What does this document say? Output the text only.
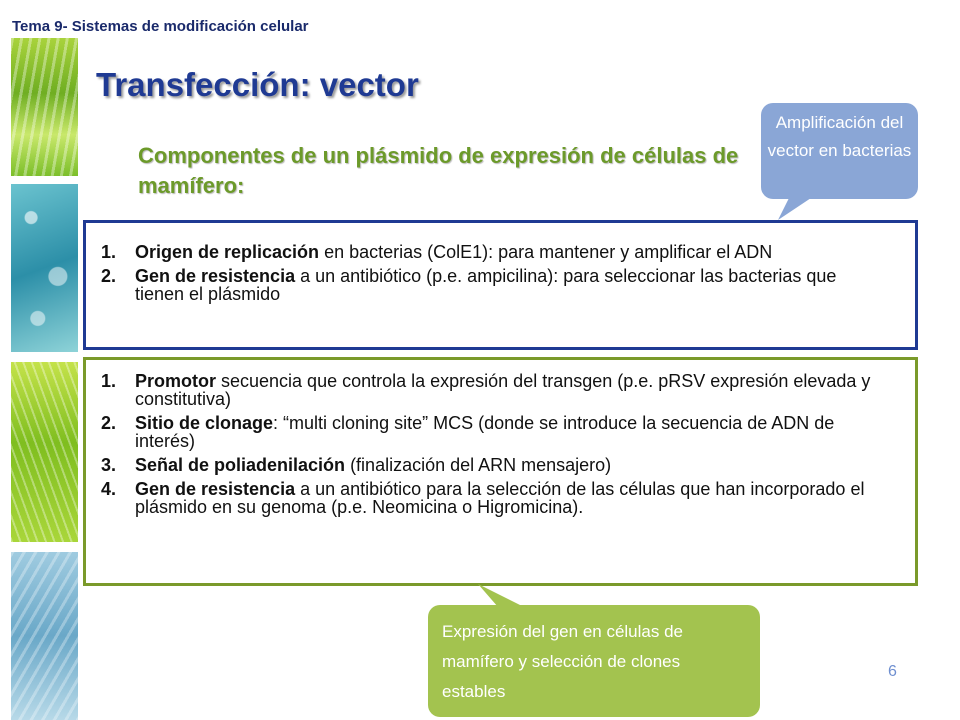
Tema 9- Sistemas de modificación celular
Transfección: vector
Componentes de un plásmido de expresión de células de mamífero:
Amplificación del vector en bacterias
1.	Origen de replicación en bacterias (ColE1): para mantener y amplificar el ADN
2.	Gen de resistencia a un antibiótico (p.e. ampicilina): para seleccionar las bacterias que tienen el plásmido
1.	Promotor secuencia que controla la expresión del transgen (p.e. pRSV expresión elevada y constitutiva)
2.	Sitio de clonage: “multi cloning site” MCS (donde se introduce la secuencia de ADN de interés)
3.	Señal de poliadenilación (finalización del ARN mensajero)
4.	Gen de resistencia a un antibiótico para la selección de las células que han incorporado el plásmido en su genoma (p.e. Neomicina o Higromicina).
Expresión del gen en células de mamífero y selección de clones estables
6
